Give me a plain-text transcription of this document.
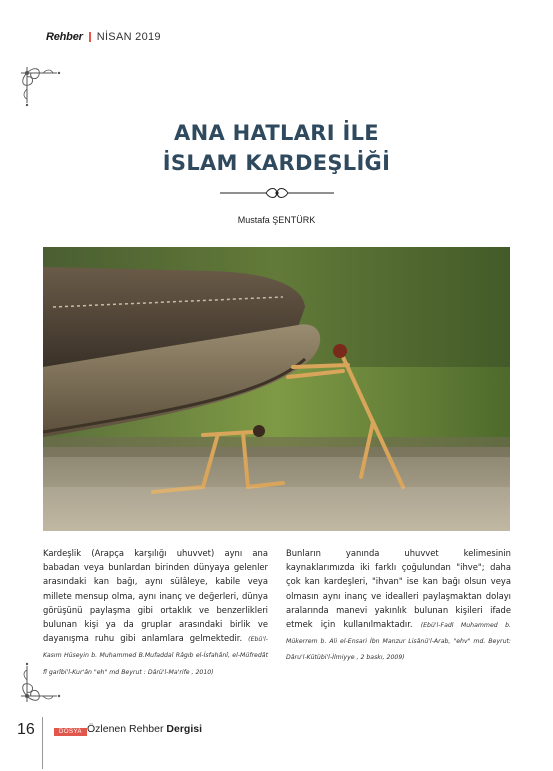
Rehber NİSAN 2019
ANA HATLARI İLE
İSLAM KARDEŞLİĞİ
Mustafa ŞENTÜRK
Kardeşlik (Arapça karşılığı uhuvvet) aynı ana babadan veya bunlardan birinden dünyaya gelenler arasındaki kan bağı, aynı sülâleye, kabile veya millete mensup olma, aynı inanç ve değerleri, dünya görüşünü paylaşma gibi ortaklık ve benzerlikleri bulunan kişi ya da gruplar arasındaki birlik ve dayanışma ruhu gibi anlamlara gelmektedir. (Ebû'l-Kasım Hüseyin b. Muhammed B.Mufaddal Râgıb el-İsfahânî, el-Müfredât fî garîbi'l-Kur'ân "eh" md Beyrut : Dârü'l-Ma'rife , 2010)
Bunların yanında uhuvvet kelimesinin kaynaklarımızda iki farklı çoğulundan "ihve"; daha çok kan kardeşleri, "ihvan" ise kan bağı olsun veya olmasın aynı inanç ve idealleri paylaşmaktan dolayı aralarında manevi yakınlık bulunan kişileri ifade etmek için kullanılmaktadır. (Ebü'l-Fadl Muhammed b. Mükerrem b. Ali el-Ensari İbn Manzur Lisânü'l-Arab, "ehv" md. Beyrut: Dâru'l-Kütübi'l-İlmiyye , 2 baskı, 2009)
16	DOSYA Özlenen Rehber Dergisi
